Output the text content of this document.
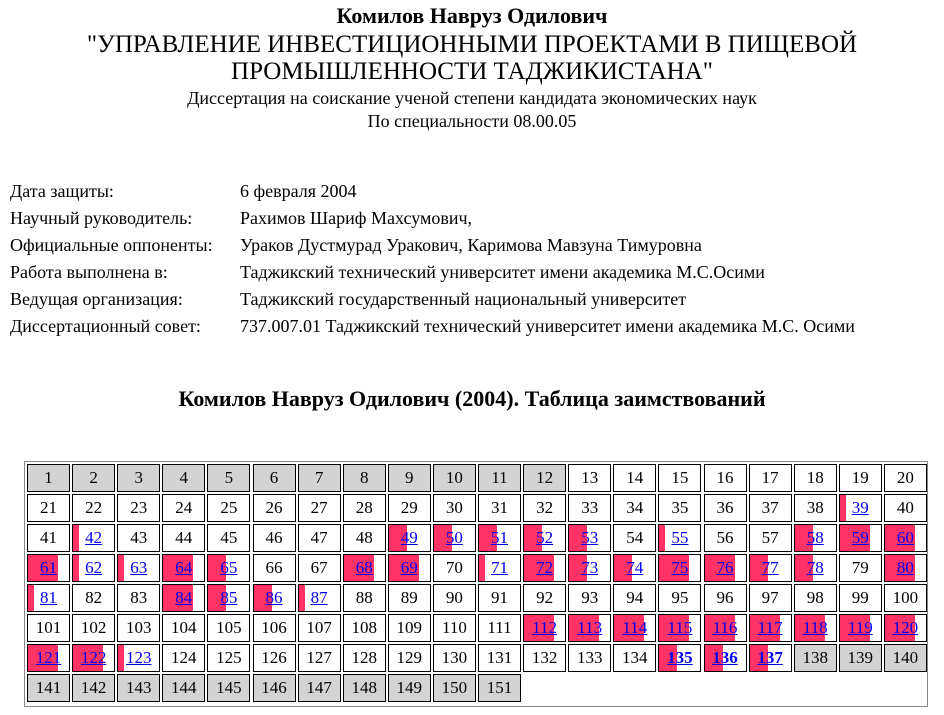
Комилов Навруз Одилович
"УПРАВЛЕНИЕ ИНВЕСТИЦИОННЫМИ ПРОЕКТАМИ В ПИЩЕВОЙ
ПРОМЫШЛЕННОСТИ ТАДЖИКИСТАНА"
Диссертация на соискание ученой степени кандидата экономических наук
По специальности 08.00.05
Дата защиты:	6 февраля 2004
Научный руководитель:	Рахимов Шариф Махсумович,
Официальные оппоненты: Ураков Дустмурад Уракович, Каримова Мавзуна Тимуровна
Работа выполнена в:	Таджикский технический университет имени академика М.С.Осими
Ведущая организация:	Таджикский государственный национальный университет
Диссертационный совет: 737.007.01 Таджикский технический университет имени академика М.С. Осими
Комилов Навруз Одилович (2004). Таблица заимствований
1	2	3	4	5	6	7	8	9	10	11	12	13	14	15	16	17	18	19	20
21	22	23	24	25	26	27	28	29	30	31	32	33	34	35	36	37	38	39	40
41	42	43	44	45	46	47	48	49	50	51	52	53	54	55	56	57	58	59	60
61	62	63	64	65	66	67	68	69	70	71	72	73	74	75	76	77	78	79	80
81	82	83	84	85	86	87	88	89	90	91	92	93	94	95	96	97	98	99	100
101	102	103	104	105	106	107	108	109	110	111	112	113	114	115	116	117	118	119	120
121	122	123	124	125	126	127	128	129	130	131	132	133	134	135	136	137	138	139	140
141	142	143	144	145	146	147	148	149	150	151
